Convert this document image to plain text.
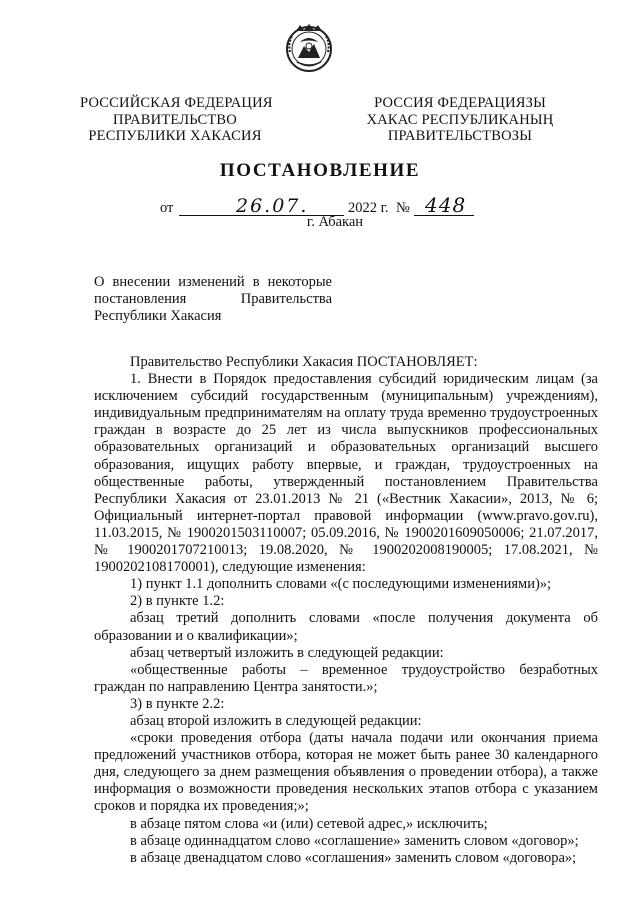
РОССИЙСКАЯ ФЕДЕРАЦИЯ
ПРАВИТЕЛЬСТВО
РЕСПУБЛИКИ ХАКАСИЯ
РОССИЯ ФЕДЕРАЦИЯЗЫ
ХАКАС РЕСПУБЛИКАНЫҢ
ПРАВИТЕЛЬСТВОЗЫ
ПОСТАНОВЛЕНИЕ
от	26.07.	2022 г. № 448
г. Абакан
О внесении изменений в некоторые
постановления Правительства
Республики Хакасия

Правительство Республики Хакасия ПОСТАНОВЛЯЕТ:

1. Внести в Порядок предоставления субсидий юридическим лицам (за исключением субсидий государственным (муниципальным) учреждениям), индивидуальным предпринимателям на оплату труда временно трудоустроенных граждан в возрасте до 25 лет из числа выпускников профессиональных образовательных организаций и образовательных организаций высшего образования, ищущих работу впервые, и граждан, трудоустроенных на общественные работы, утвержденный постановлением Правительства Республики Хакасия от 23.01.2013 № 21 («Вестник Хакасии», 2013, № 6; Официальный интернет-портал правовой информации (www.pravo.gov.ru), 11.03.2015, № 1900201503110007; 05.09.2016, № 1900201609050006; 21.07.2017, № 1900201707210013; 19.08.2020, № 1900202008190005; 17.08.2021, № 1900202108170001), следующие изменения:

1) пункт 1.1 дополнить словами «(с последующими изменениями)»;

2) в пункте 1.2:

абзац третий дополнить словами «после получения документа об образовании и о квалификации»;

абзац четвертый изложить в следующей редакции:

«общественные работы – временное трудоустройство безработных граждан по направлению Центра занятости.»;

3) в пункте 2.2:

абзац второй изложить в следующей редакции:

«сроки проведения отбора (даты начала подачи или окончания приема предложений участников отбора, которая не может быть ранее 30 календарного дня, следующего за днем размещения объявления о проведении отбора), а также информация о возможности проведения нескольких этапов отбора с указанием сроков и порядка их проведения;»;

в абзаце пятом слова «и (или) сетевой адрес,» исключить;

в абзаце одиннадцатом слово «соглашение» заменить словом «договор»;

в абзаце двенадцатом слово «соглашения» заменить словом «договора»;
